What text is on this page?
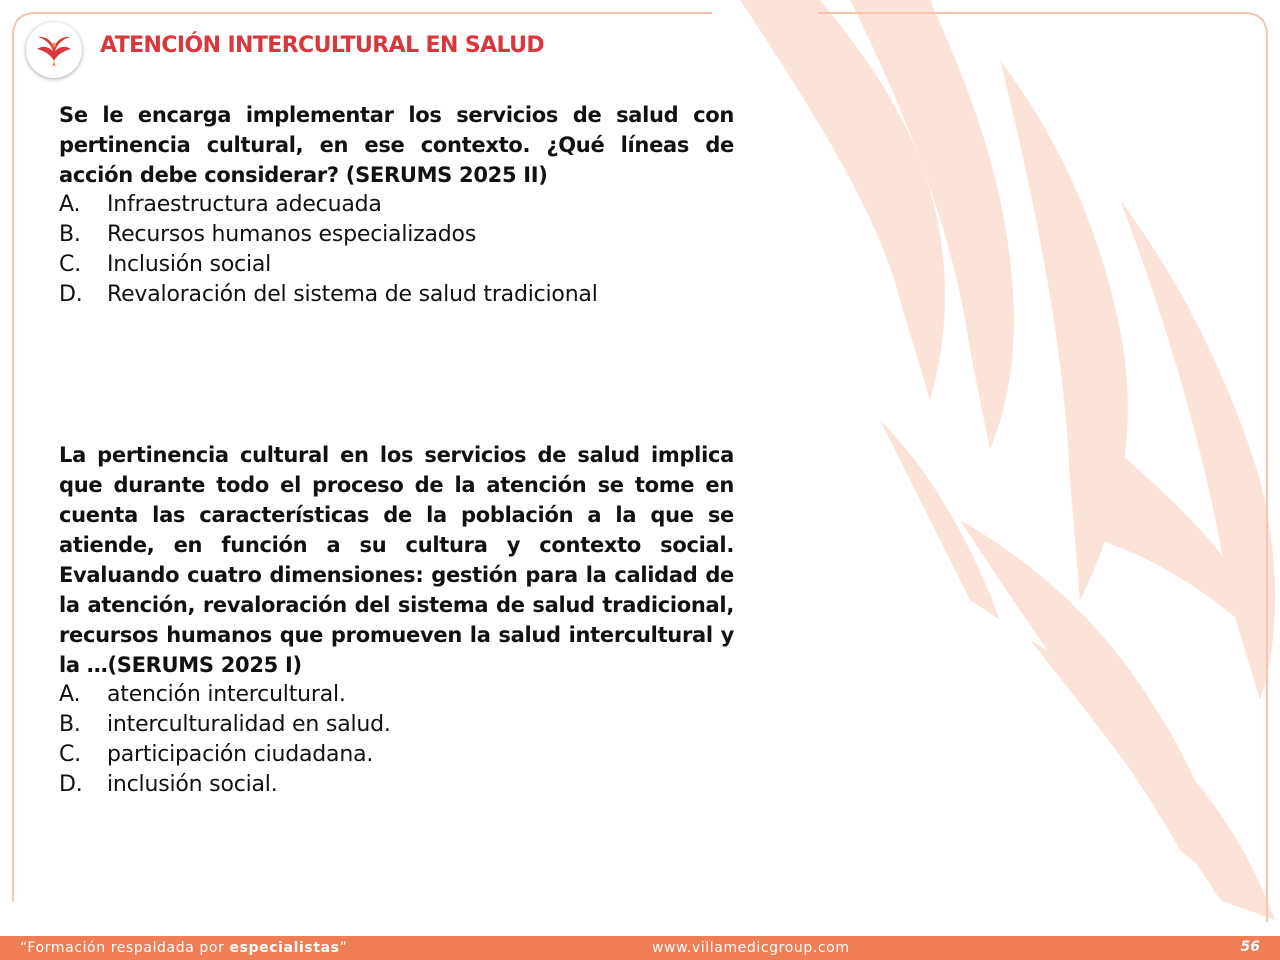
ATENCIÓN INTERCULTURAL EN SALUD

Se le encarga implementar los servicios de salud con pertinencia cultural, en ese contexto. ¿Qué líneas de acción debe considerar? (SERUMS 2025 II)

A.	Infraestructura adecuada
B.	Recursos humanos especializados
C.	Inclusión social
D.	Revaloración del sistema de salud tradicional

La pertinencia cultural en los servicios de salud implica que durante todo el proceso de la atención se tome en cuenta las características de la población a la que se atiende, en función a su cultura y contexto social. Evaluando cuatro dimensiones: gestión para la calidad de la atención, revaloración del sistema de salud tradicional, recursos humanos que promueven la salud intercultural y la …(SERUMS 2025 I)

A.	atención intercultural.
B.	interculturalidad en salud.
C.	participación ciudadana.
D.	inclusión social.
“Formación respaldada por especialistas”	www.villamedicgroup.com	56
